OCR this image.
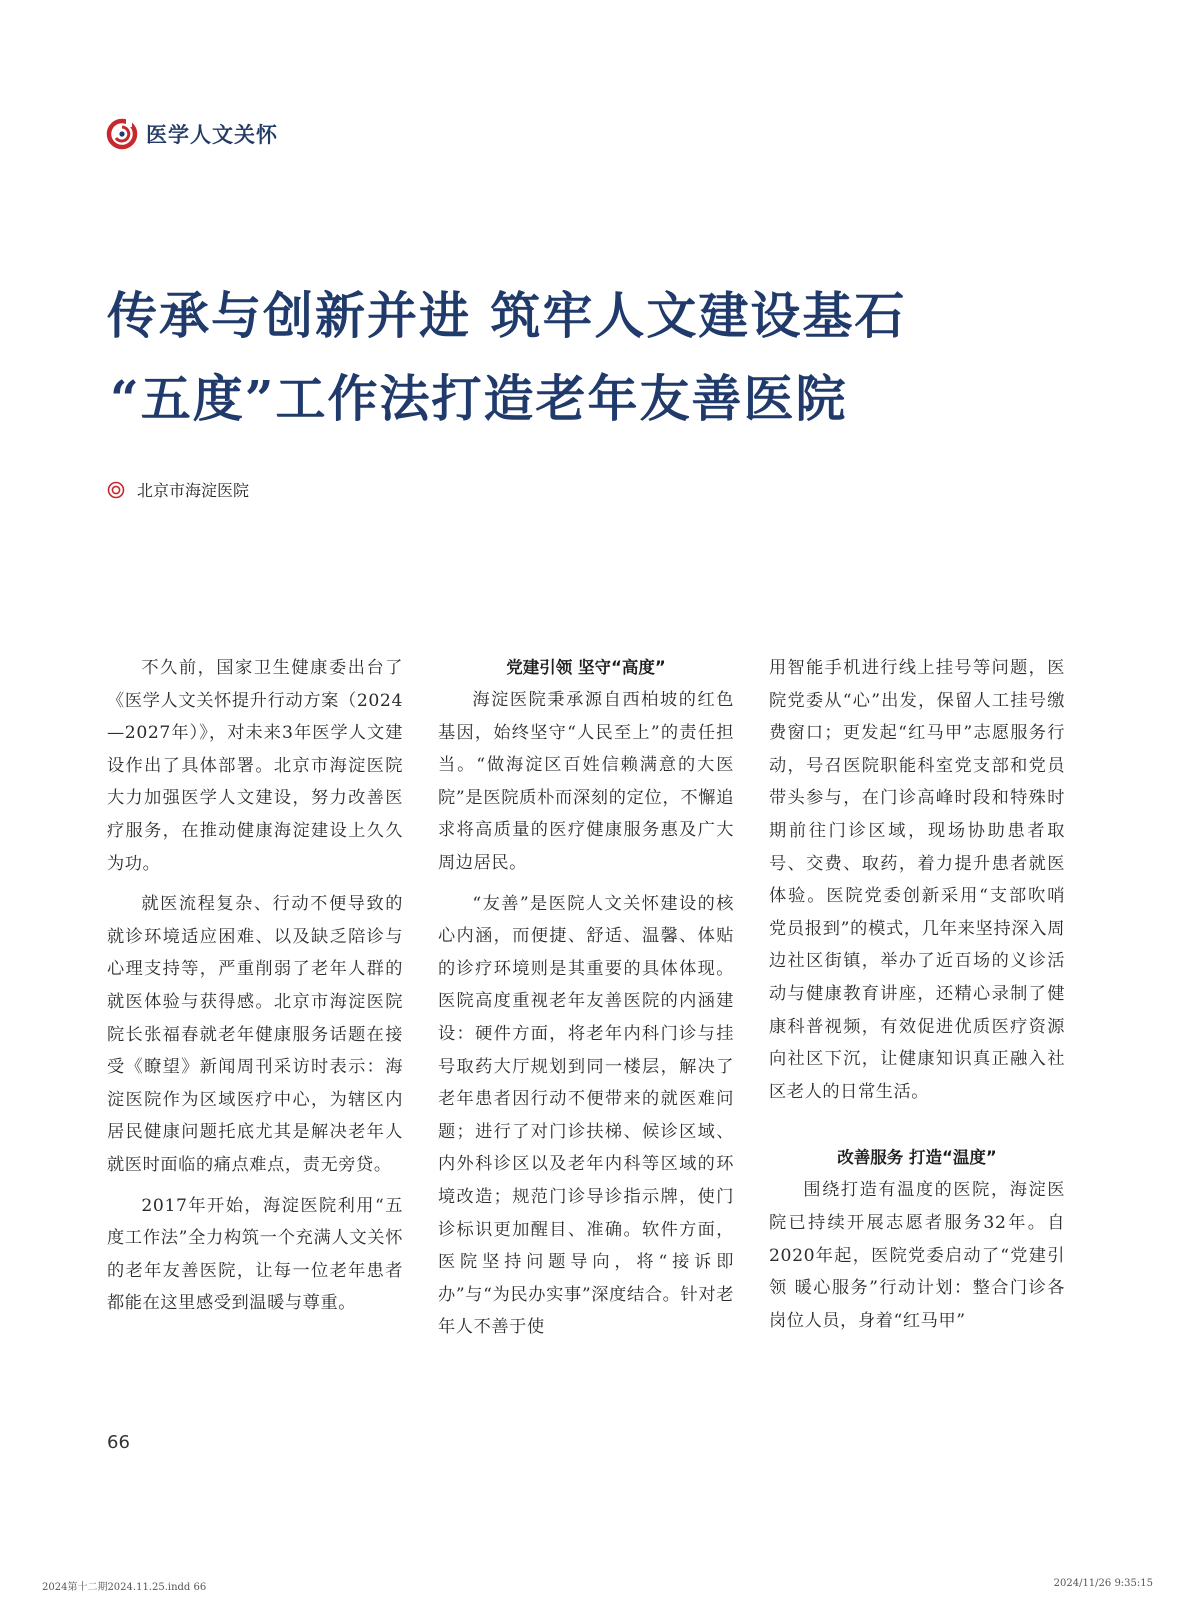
医学人文关怀
传承与创新并进 筑牢人文建设基石
“五度”工作法打造老年友善医院
北京市海淀医院

不久前，国家卫生健康委出台了《医学人文关怀提升行动方案（2024—2027年）》，对未来3年医学人文建设作出了具体部署。北京市海淀医院大力加强医学人文建设，努力改善医疗服务，在推动健康海淀建设上久久为功。

就医流程复杂、行动不便导致的就诊环境适应困难、以及缺乏陪诊与心理支持等，严重削弱了老年人群的就医体验与获得感。北京市海淀医院院长张福春就老年健康服务话题在接受《瞭望》新闻周刊采访时表示：海淀医院作为区域医疗中心，为辖区内居民健康问题托底尤其是解决老年人就医时面临的痛点难点，责无旁贷。

2017年开始，海淀医院利用“五度工作法”全力构筑一个充满人文关怀的老年友善医院，让每一位老年患者都能在这里感受到温暖与尊重。

党建引领 坚守“高度”

海淀医院秉承源自西柏坡的红色基因，始终坚守“人民至上”的责任担当。“做海淀区百姓信赖满意的大医院”是医院质朴而深刻的定位，不懈追求将高质量的医疗健康服务惠及广大周边居民。

“友善”是医院人文关怀建设的核心内涵，而便捷、舒适、温馨、体贴的诊疗环境则是其重要的具体体现。医院高度重视老年友善医院的内涵建设：硬件方面，将老年内科门诊与挂号取药大厅规划到同一楼层，解决了老年患者因行动不便带来的就医难问题；进行了对门诊扶梯、候诊区域、内外科诊区以及老年内科等区域的环境改造；规范门诊导诊指示牌，使门诊标识更加醒目、准确。软件方面，医院坚持问题导向，将“接诉即办”与“为民办实事”深度结合。针对老年人不善于使

用智能手机进行线上挂号等问题，医院党委从“心”出发，保留人工挂号缴费窗口；更发起“红马甲”志愿服务行动，号召医院职能科室党支部和党员带头参与，在门诊高峰时段和特殊时期前往门诊区域，现场协助患者取号、交费、取药，着力提升患者就医体验。医院党委创新采用“支部吹哨 党员报到”的模式，几年来坚持深入周边社区街镇，举办了近百场的义诊活动与健康教育讲座，还精心录制了健康科普视频，有效促进优质医疗资源向社区下沉，让健康知识真正融入社区老人的日常生活。

改善服务 打造“温度”

围绕打造有温度的医院，海淀医院已持续开展志愿者服务32年。自2020年起，医院党委启动了“党建引领 暖心服务”行动计划：整合门诊各岗位人员，身着“红马甲”

66
2024第十二期2024.11.25.indd 66	2024/11/26 9:35:15
